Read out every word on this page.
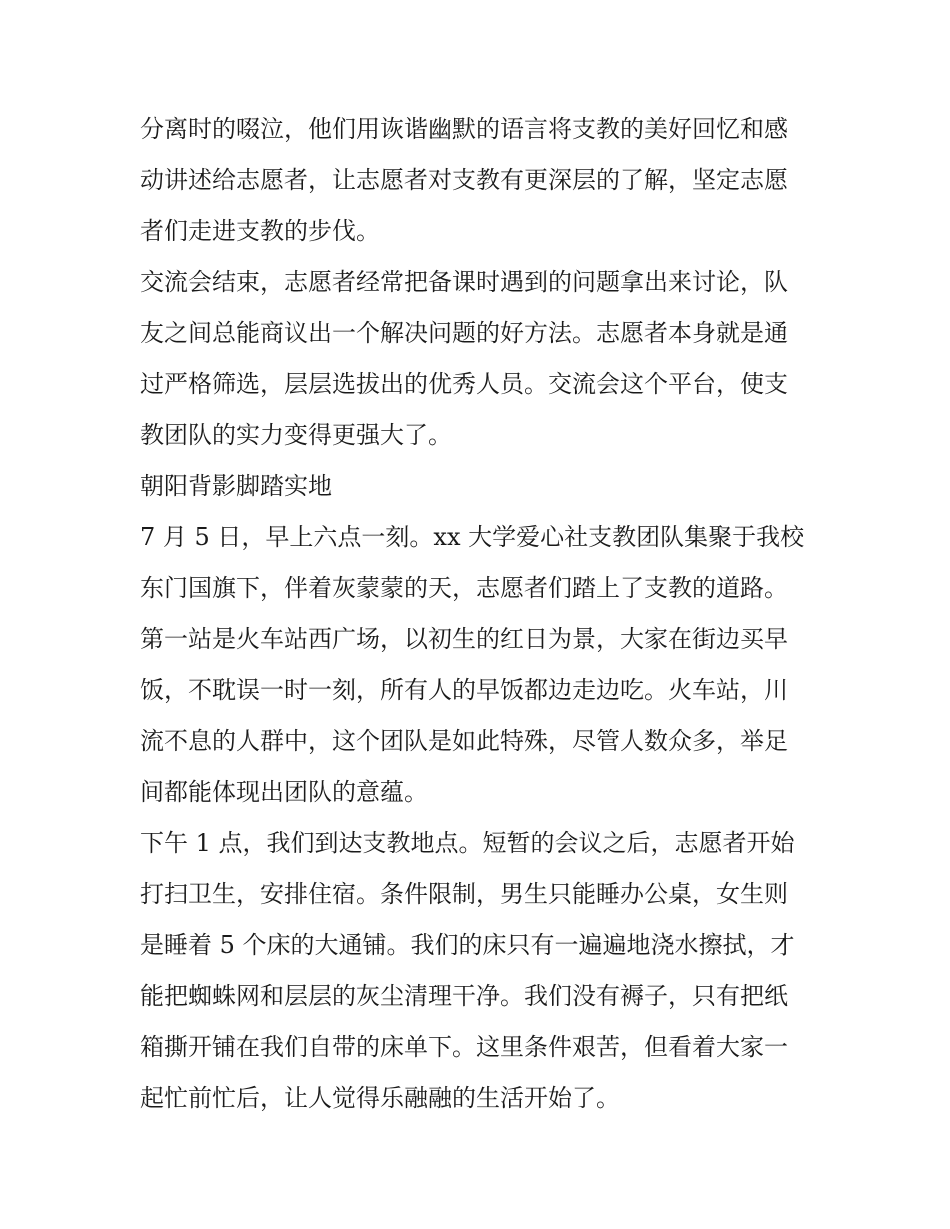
分离时的啜泣，他们用诙谐幽默的语言将支教的美好回忆和感
动讲述给志愿者，让志愿者对支教有更深层的了解，坚定志愿
者们走进支教的步伐。

交流会结束，志愿者经常把备课时遇到的问题拿出来讨论，队
友之间总能商议出一个解决问题的好方法。志愿者本身就是通
过严格筛选，层层选拔出的优秀人员。交流会这个平台，使支
教团队的实力变得更强大了。

朝阳背影脚踏实地

7 月 5 日，早上六点一刻。xx 大学爱心社支教团队集聚于我校
东门国旗下，伴着灰蒙蒙的天，志愿者们踏上了支教的道路。
第一站是火车站西广场，以初生的红日为景，大家在街边买早
饭，不耽误一时一刻，所有人的早饭都边走边吃。火车站，川
流不息的人群中，这个团队是如此特殊，尽管人数众多，举足
间都能体现出团队的意蕴。

下午 1 点，我们到达支教地点。短暂的会议之后，志愿者开始
打扫卫生，安排住宿。条件限制，男生只能睡办公桌，女生则
是睡着 5 个床的大通铺。我们的床只有一遍遍地浇水擦拭，才
能把蜘蛛网和层层的灰尘清理干净。我们没有褥子，只有把纸
箱撕开铺在我们自带的床单下。这里条件艰苦，但看着大家一
起忙前忙后，让人觉得乐融融的生活开始了。
